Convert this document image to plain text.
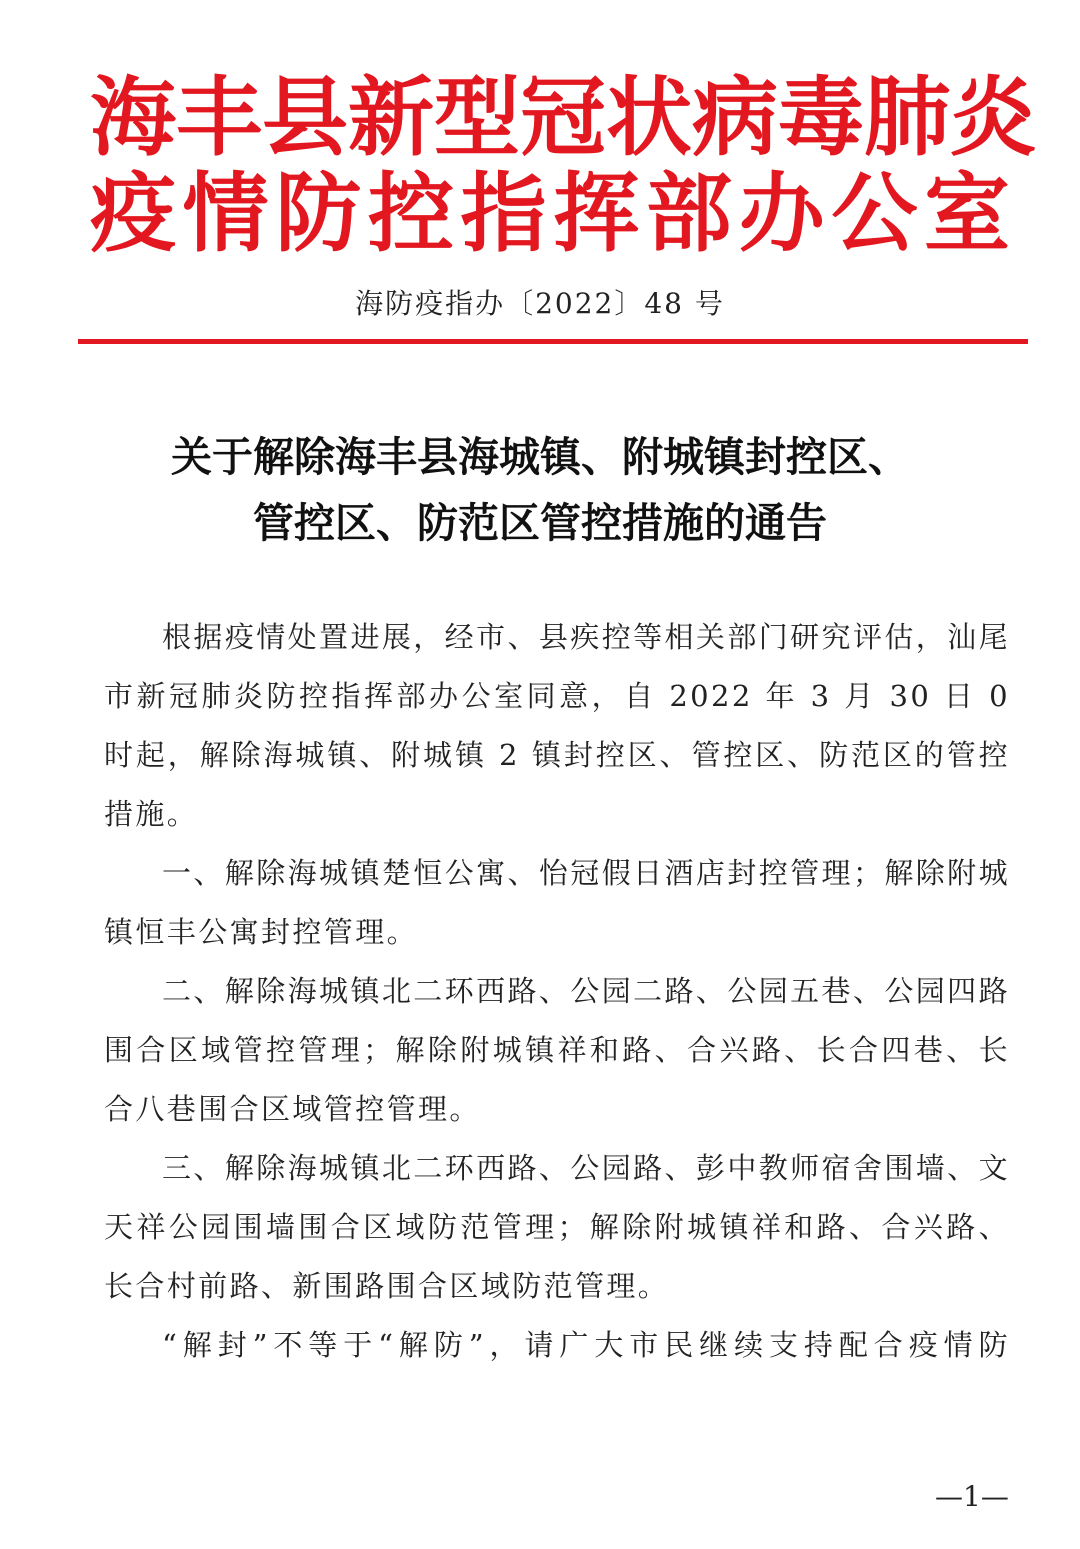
海丰县新型冠状病毒肺炎
疫情防控指挥部办公室
海防疫指办〔2022〕48 号
关于解除海丰县海城镇、附城镇封控区、
管控区、防范区管控措施的通告

根据疫情处置进展，经市、县疾控等相关部门研究评估，汕尾市新冠肺炎防控指挥部办公室同意，自 2022 年 3 月 30 日 0 时起，解除海城镇、附城镇 2 镇封控区、管控区、防范区的管控措施。

一、解除海城镇楚恒公寓、怡冠假日酒店封控管理；解除附城镇恒丰公寓封控管理。

二、解除海城镇北二环西路、公园二路、公园五巷、公园四路围合区域管控管理；解除附城镇祥和路、合兴路、长合四巷、长合八巷围合区域管控管理。

三、解除海城镇北二环西路、公园路、彭中教师宿舍围墙、文天祥公园围墙围合区域防范管理；解除附城镇祥和路、合兴路、长合村前路、新围路围合区域防范管理。

“解封”不等于“解防”，请广大市民继续支持配合疫情防

—1—
